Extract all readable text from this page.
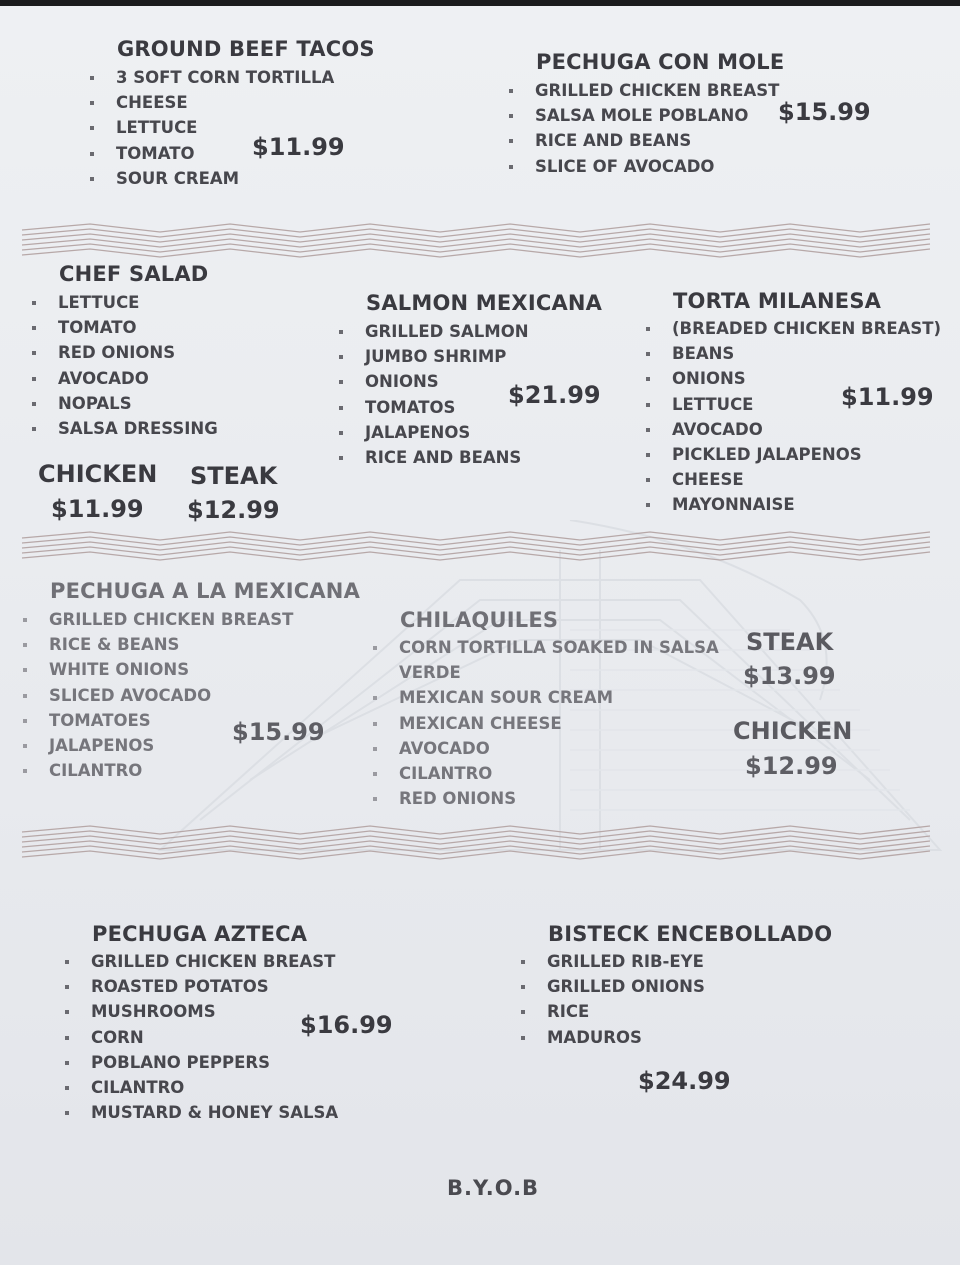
GROUND BEEF TACOS
3 SOFT CORN TORTILLA
CHEESE
LETTUCE
TOMATO
SOUR CREAM
$11.99
PECHUGA CON MOLE
GRILLED CHICKEN BREAST
SALSA MOLE POBLANO
RICE AND BEANS
SLICE OF AVOCADO
$15.99
CHEF SALAD
LETTUCE
TOMATO
RED ONIONS
AVOCADO
NOPALS
SALSA DRESSING
CHICKEN
$11.99
STEAK
$12.99
SALMON MEXICANA
GRILLED SALMON
JUMBO SHRIMP
ONIONS
TOMATOS
JALAPENOS
RICE AND BEANS
$21.99
TORTA MILANESA
(BREADED CHICKEN BREAST)
BEANS
ONIONS
LETTUCE
AVOCADO
PICKLED JALAPENOS
CHEESE
MAYONNAISE
$11.99
PECHUGA A LA MEXICANA
GRILLED CHICKEN BREAST
RICE & BEANS
WHITE ONIONS
SLICED AVOCADO
TOMATOES
JALAPENOS
CILANTRO
$15.99
CHILAQUILES
CORN TORTILLA SOAKED IN SALSA
VERDE
MEXICAN SOUR CREAM
MEXICAN CHEESE
AVOCADO
CILANTRO
RED ONIONS
STEAK
$13.99
CHICKEN
$12.99
PECHUGA AZTECA
GRILLED CHICKEN BREAST
ROASTED POTATOS
MUSHROOMS
CORN
POBLANO PEPPERS
CILANTRO
MUSTARD & HONEY SALSA
$16.99
BISTECK ENCEBOLLADO
GRILLED RIB-EYE
GRILLED ONIONS
RICE
MADUROS
$24.99
B.Y.O.B
